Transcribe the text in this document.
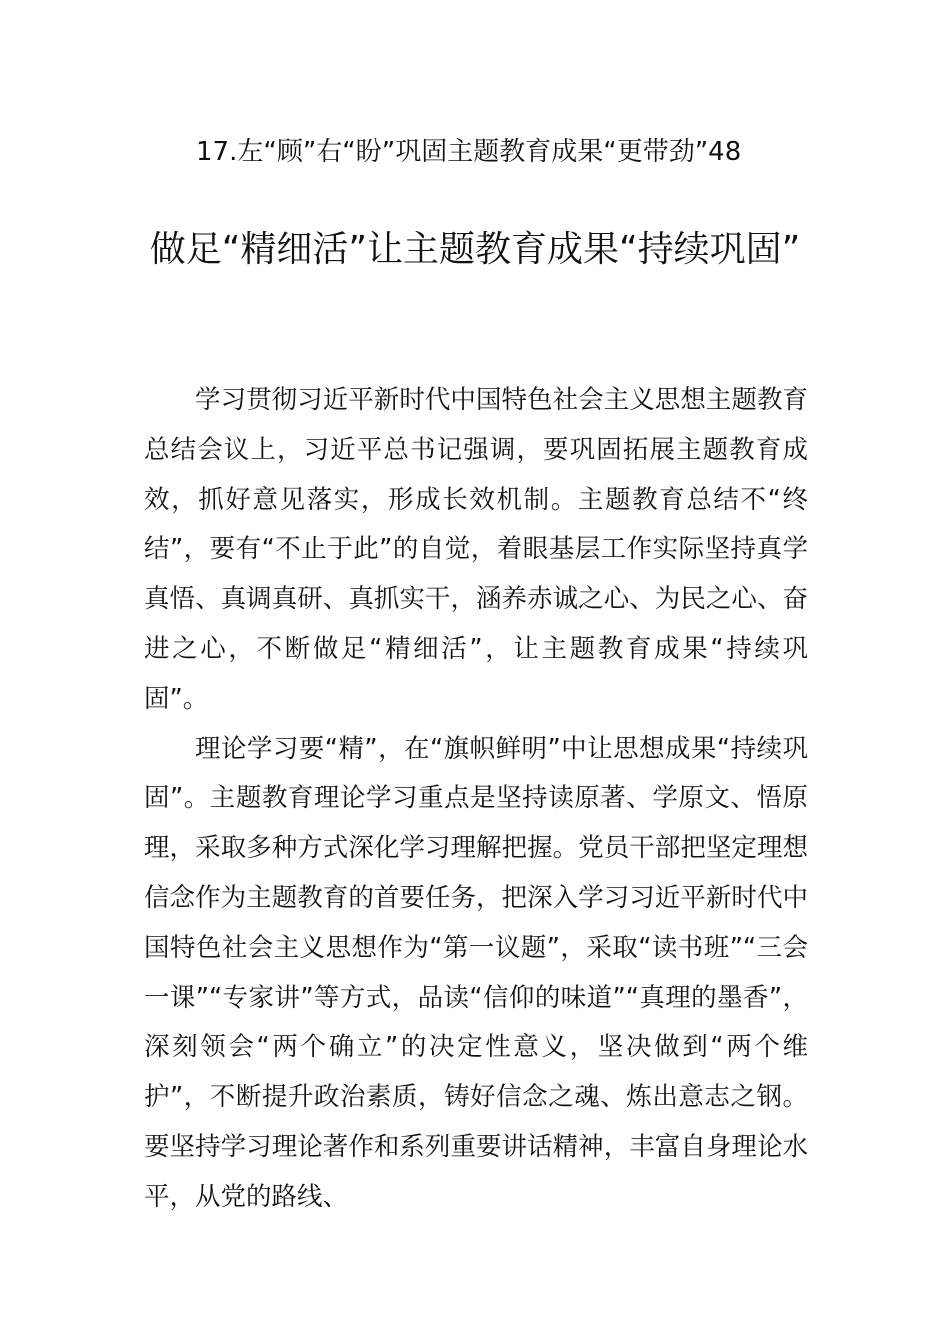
17.左“顾”右“盼”巩固主题教育成果“更带劲”48
做足“精细活”让主题教育成果“持续巩固”

学习贯彻习近平新时代中国特色社会主义思想主题教育总结会议上，习近平总书记强调，要巩固拓展主题教育成效，抓好意见落实，形成长效机制。主题教育总结不“终结”，要有“不止于此”的自觉，着眼基层工作实际坚持真学真悟、真调真研、真抓实干，涵养赤诚之心、为民之心、奋进之心，不断做足“精细活”，让主题教育成果“持续巩固”。

理论学习要“精”，在“旗帜鲜明”中让思想成果“持续巩固”。主题教育理论学习重点是坚持读原著、学原文、悟原理，采取多种方式深化学习理解把握。党员干部把坚定理想信念作为主题教育的首要任务，把深入学习习近平新时代中国特色社会主义思想作为“第一议题”，采取“读书班”“三会一课”“专家讲”等方式，品读“信仰的味道”“真理的墨香”，深刻领会“两个确立”的决定性意义，坚决做到“两个维护”，不断提升政治素质，铸好信念之魂、炼出意志之钢。要坚持学习理论著作和系列重要讲话精神，丰富自身理论水平，从党的路线、
